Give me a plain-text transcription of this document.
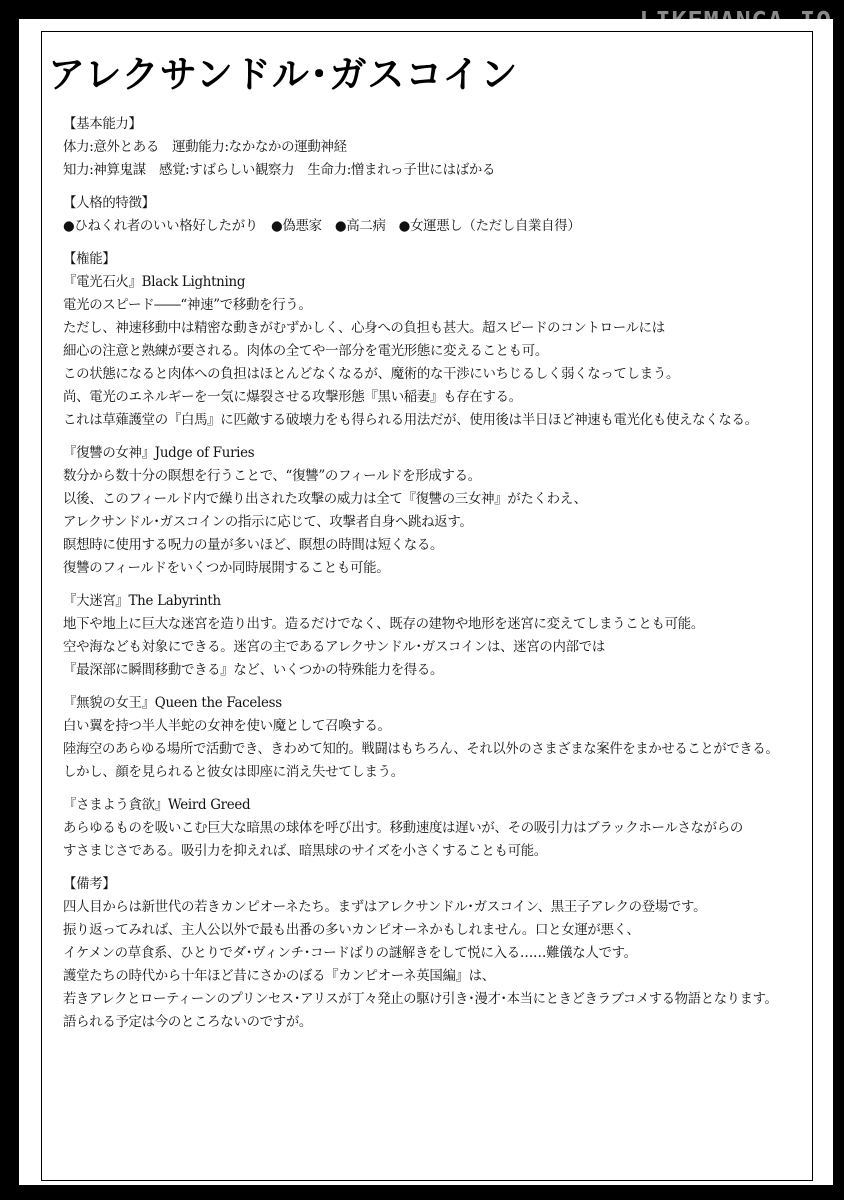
アレクサンドル･ガスコイン
【基本能力】
体力:意外とある　運動能力:なかなかの運動神経
知力:神算鬼謀　感覚:すばらしい観察力　生命力:憎まれっ子世にはばかる
【人格的特徴】
●ひねくれ者のいい格好したがり　●偽悪家　●高二病　●女運悪し（ただし自業自得）
【権能】
『電光石火』Black Lightning
電光のスピード――“神速”で移動を行う。
ただし、神速移動中は精密な動きがむずかしく、心身への負担も甚大。超スピードのコントロールには
細心の注意と熟練が要される。肉体の全てや一部分を電光形態に変えることも可。
この状態になると肉体への負担はほとんどなくなるが、魔術的な干渉にいちじるしく弱くなってしまう。
尚、電光のエネルギーを一気に爆裂させる攻撃形態『黒い稲妻』も存在する。
これは草薙護堂の『白馬』に匹敵する破壊力をも得られる用法だが、使用後は半日ほど神速も電光化も使えなくなる。
『復讐の女神』Judge of Furies
数分から数十分の瞑想を行うことで、“復讐”のフィールドを形成する。
以後、このフィールド内で繰り出された攻撃の威力は全て『復讐の三女神』がたくわえ、
アレクサンドル･ガスコインの指示に応じて、攻撃者自身へ跳ね返す。
瞑想時に使用する呪力の量が多いほど、瞑想の時間は短くなる。
復讐のフィールドをいくつか同時展開することも可能。
『大迷宮』The Labyrinth
地下や地上に巨大な迷宮を造り出す。造るだけでなく、既存の建物や地形を迷宮に変えてしまうことも可能。
空や海なども対象にできる。迷宮の主であるアレクサンドル･ガスコインは、迷宮の内部では
『最深部に瞬間移動できる』など、いくつかの特殊能力を得る。
『無貌の女王』Queen the Faceless
白い翼を持つ半人半蛇の女神を使い魔として召喚する。
陸海空のあらゆる場所で活動でき、きわめて知的。戦闘はもちろん、それ以外のさまざまな案件をまかせることができる。
しかし、顔を見られると彼女は即座に消え失せてしまう。
『さまよう貪欲』Weird Greed
あらゆるものを吸いこむ巨大な暗黒の球体を呼び出す。移動速度は遅いが、その吸引力はブラックホールさながらの
すさまじさである。吸引力を抑えれば、暗黒球のサイズを小さくすることも可能。
【備考】
四人目からは新世代の若きカンピオーネたち。まずはアレクサンドル･ガスコイン、黒王子アレクの登場です。
振り返ってみれば、主人公以外で最も出番の多いカンピオーネかもしれません。口と女運が悪く、
イケメンの草食系、ひとりでダ･ヴィンチ･コードばりの謎解きをして悦に入る……難儀な人です。
護堂たちの時代から十年ほど昔にさかのぼる『カンピオーネ英国編』は、
若きアレクとローティーンのプリンセス･アリスが丁々発止の駆け引き･漫才･本当にときどきラブコメする物語となります。
語られる予定は今のところないのですが。
